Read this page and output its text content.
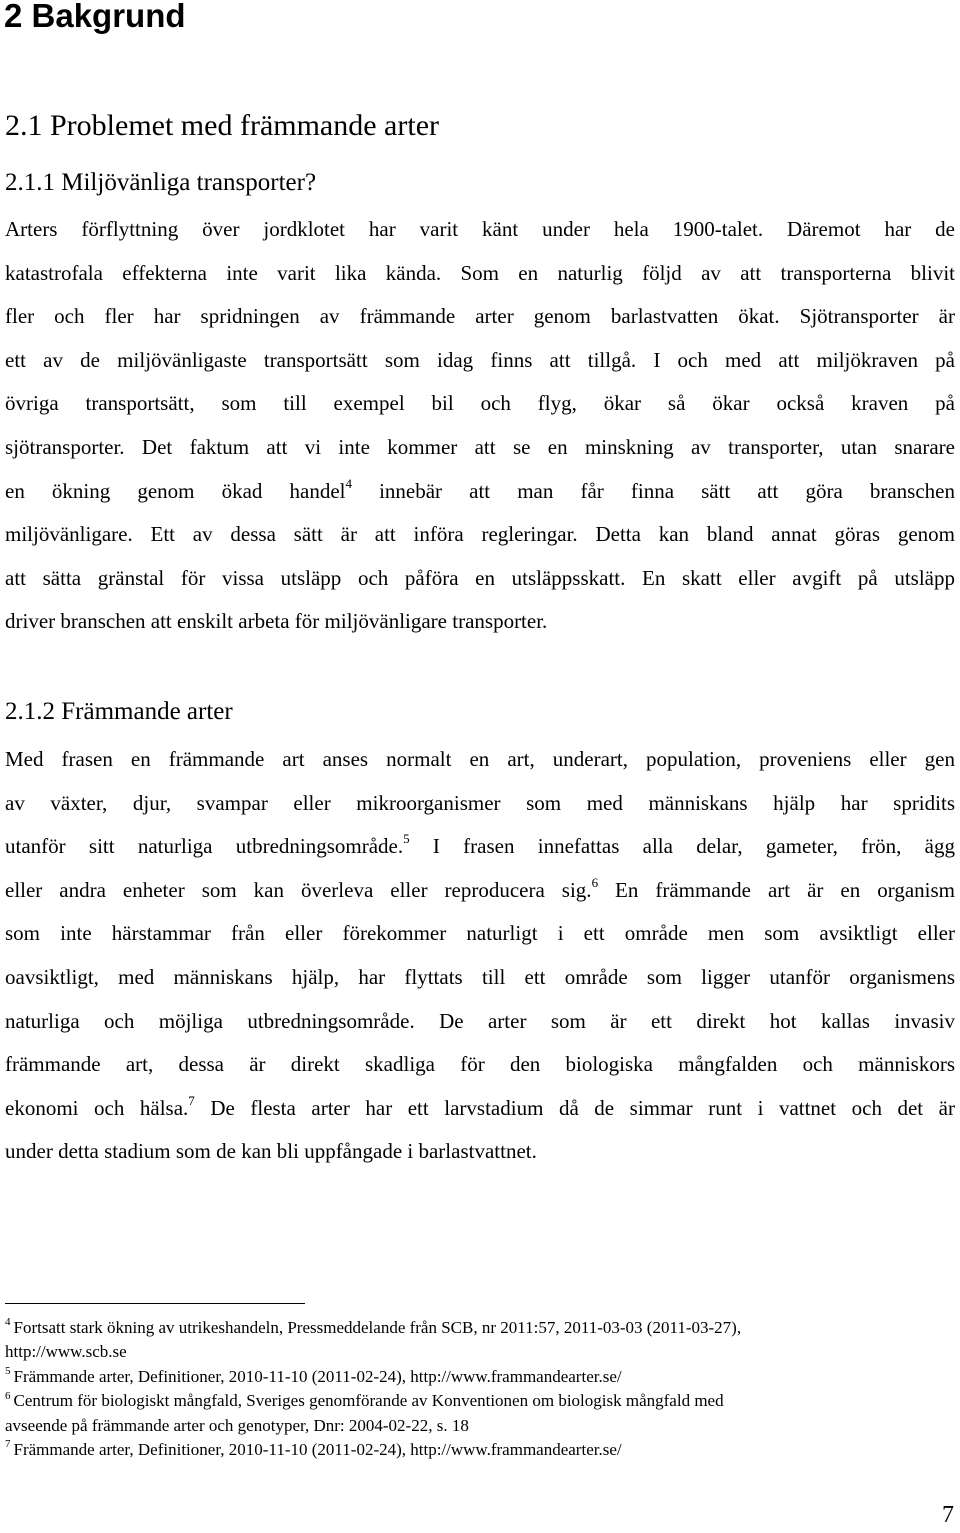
2 Bakgrund
2.1 Problemet med främmande arter
2.1.1 Miljövänliga transporter?
Arters förflyttning över jordklotet har varit känt under hela 1900-talet. Däremot har de
katastrofala effekterna inte varit lika kända. Som en naturlig följd av att transporterna blivit
fler och fler har spridningen av främmande arter genom barlastvatten ökat. Sjötransporter är
ett av de miljövänligaste transportsätt som idag finns att tillgå. I och med att miljökraven på
övriga transportsätt, som till exempel bil och flyg, ökar så ökar också kraven på
sjötransporter. Det faktum att vi inte kommer att se en minskning av transporter, utan snarare
en ökning genom ökad handel$^4$ innebär att man får finna sätt att göra branschen
miljövänligare. Ett av dessa sätt är att införa regleringar. Detta kan bland annat göras genom
att sätta gränstal för vissa utsläpp och påföra en utsläppsskatt. En skatt eller avgift på utsläpp
driver branschen att enskilt arbeta för miljövänligare transporter.
2.1.2 Främmande arter
Med frasen en främmande art anses normalt en art, underart, population, proveniens eller gen
av växter, djur, svampar eller mikroorganismer som med människans hjälp har spridits
utanför sitt naturliga utbredningsområde.$^5$ I frasen innefattas alla delar, gameter, frön, ägg
eller andra enheter som kan överleva eller reproducera sig.$^6$ En främmande art är en organism
som inte härstammar från eller förekommer naturligt i ett område men som avsiktligt eller
oavsiktligt, med människans hjälp, har flyttats till ett område som ligger utanför organismens
naturliga och möjliga utbredningsområde. De arter som är ett direkt hot kallas invasiv
främmande art, dessa är direkt skadliga för den biologiska mångfalden och människors
ekonomi och hälsa.$^7$ De flesta arter har ett larvstadium då de simmar runt i vattnet och det är
under detta stadium som de kan bli uppfångade i barlastvattnet.

$^4$ Fortsatt stark ökning av utrikeshandeln, Pressmeddelande från SCB, nr 2011:57, 2011-03-03 (2011-03-27),

http://www.scb.se

$^5$ Främmande arter, Definitioner, 2010-11-10 (2011-02-24), http://www.frammandearter.se/

$^6$ Centrum för biologiskt mångfald, Sveriges genomförande av Konventionen om biologisk mångfald med

avseende på främmande arter och genotyper, Dnr: 2004-02-22, s. 18

$^7$ Främmande arter, Definitioner, 2010-11-10 (2011-02-24), http://www.frammandearter.se/

7
